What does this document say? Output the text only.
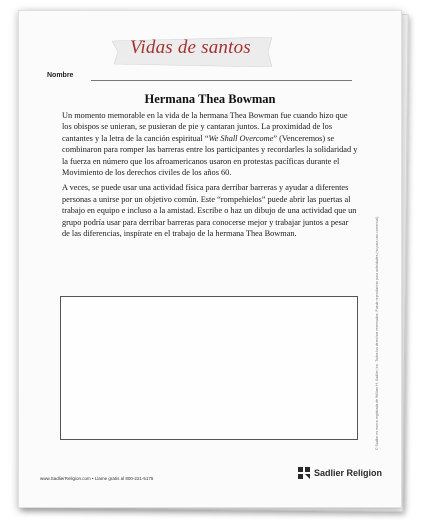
Vidas de santos
Nombre
Hermana Thea Bowman

Un momento memorable en la vida de la hermana Thea Bowman fue cuando hizo que los obispos se unieran, se pusieran de pie y cantaran juntos. La proximidad de los cantantes y la letra de la canción espiritual “We Shall Overcome” (Venceremos) se combinaron para romper las barreras entre los participantes y recordarles la solidaridad y la fuerza en número que los afroamericanos usaron en protestas pacíficas durante el Movimiento de los derechos civiles de los años 60.

A veces, se puede usar una actividad física para derribar barreras y ayudar a diferentes personas a unirse por un objetivo común. Este “rompehielos” puede abrir las puertas al trabajo en equipo e incluso a la amistad. Escribe o haz un dibujo de una actividad que un grupo podría usar para derribar barreras para conocerse mejor y trabajar juntos a pesar de las diferencias, inspírate en el trabajo de la hermana Thea Bowman.	© Sadlier es marca registrada de William H. Sadlier, Inc. Todos los derechos reservados. Puede reproducirse para actividades (no para uso comercial).
www.SadlierReligion.com • Llame gratis al 800-221-5175
Sadlier Religion
